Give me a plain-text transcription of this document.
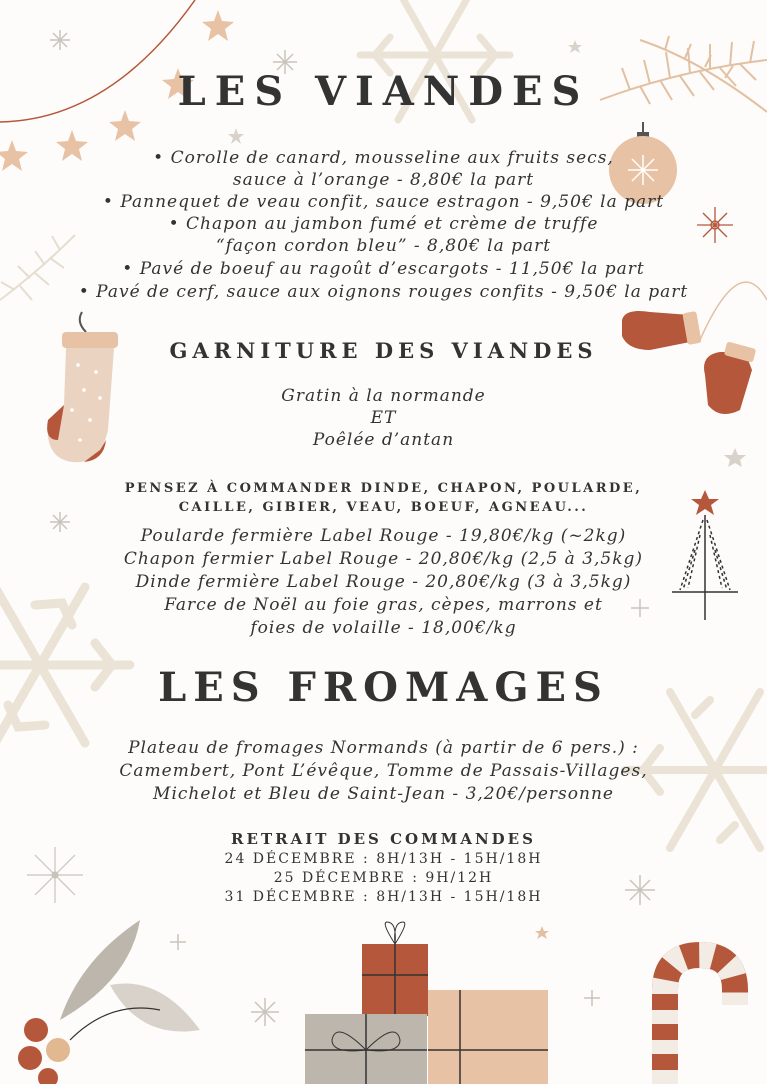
LES VIANDES
• Corolle de canard, mousseline aux fruits secs,
sauce à l’orange - 8,80€ la part
• Pannequet de veau confit, sauce estragon - 9,50€ la part
• Chapon au jambon fumé et crème de truffe
“façon cordon bleu” - 8,80€ la part
• Pavé de boeuf au ragoût d’escargots - 11,50€ la part
• Pavé de cerf, sauce aux oignons rouges confits - 9,50€ la part
GARNITURE DES VIANDES
Gratin à la normande
ET
Poêlée d’antan
PENSEZ À COMMANDER DINDE, CHAPON, POULARDE,
CAILLE, GIBIER, VEAU, BOEUF, AGNEAU...
Poularde fermière Label Rouge - 19,80€/kg (~2kg)
Chapon fermier Label Rouge - 20,80€/kg (2,5 à 3,5kg)
Dinde fermière Label Rouge - 20,80€/kg (3 à 3,5kg)
Farce de Noël au foie gras, cèpes, marrons et
foies de volaille - 18,00€/kg
LES FROMAGES
Plateau de fromages Normands (à partir de 6 pers.) :
Camembert, Pont L’évêque, Tomme de Passais-Villages,
Michelot et Bleu de Saint-Jean - 3,20€/personne
RETRAIT DES COMMANDES
24 DÉCEMBRE : 8H/13H - 15H/18H
25 DÉCEMBRE : 9H/12H
31 DÉCEMBRE : 8H/13H - 15H/18H
